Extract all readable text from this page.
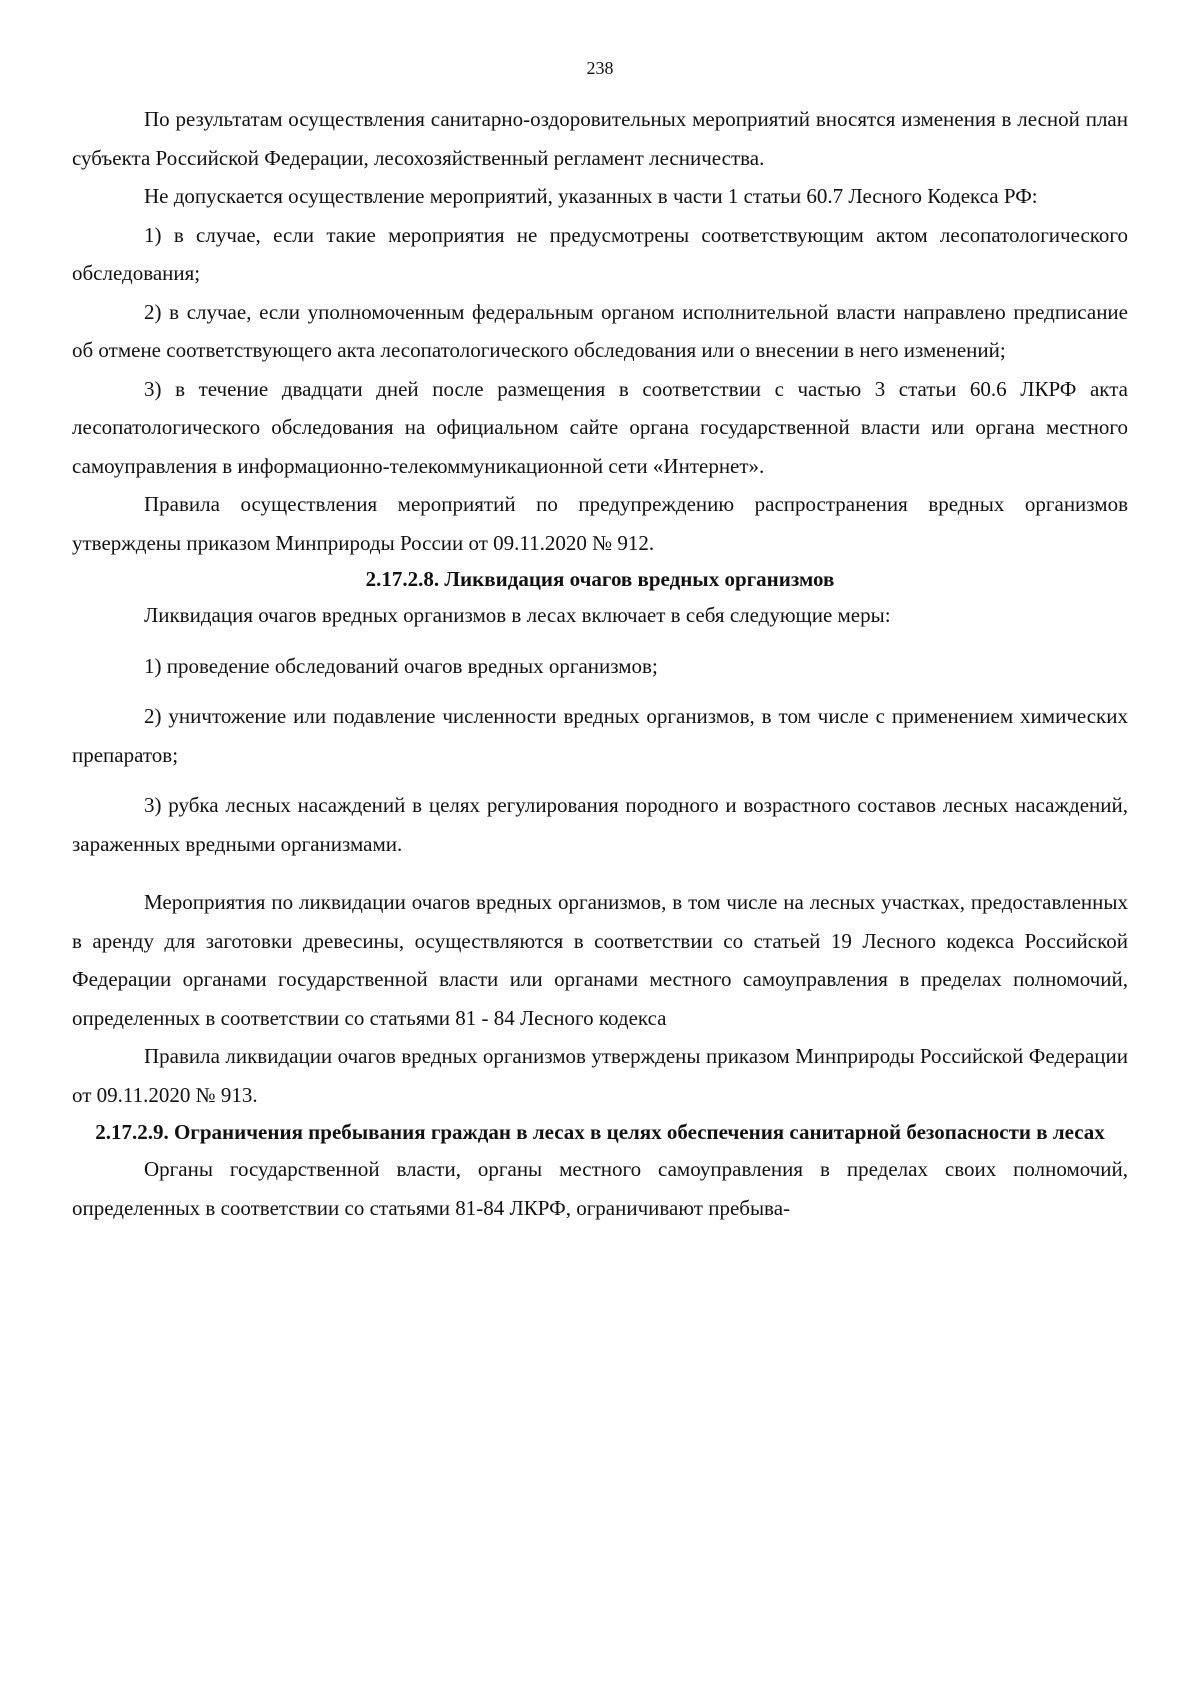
238

По результатам осуществления санитарно-оздоровительных мероприятий вносятся изменения в лесной план субъекта Российской Федерации, лесохозяйственный регламент лесничества.

Не допускается осуществление мероприятий, указанных в части 1 статьи 60.7 Лесного Кодекса РФ:

1) в случае, если такие мероприятия не предусмотрены соответствующим актом лесопатологического обследования;

2) в случае, если уполномоченным федеральным органом исполнительной власти направлено предписание об отмене соответствующего акта лесопатологического обследования или о внесении в него изменений;

3) в течение двадцати дней после размещения в соответствии с частью 3 статьи 60.6 ЛКРФ акта лесопатологического обследования на официальном сайте органа государственной власти или органа местного самоуправления в информационно-телекоммуникационной сети «Интернет».

Правила осуществления мероприятий по предупреждению распространения вредных организмов утверждены приказом Минприроды России от 09.11.2020 № 912.

2.17.2.8. Ликвидация очагов вредных организмов

Ликвидация очагов вредных организмов в лесах включает в себя следующие меры:

1) проведение обследований очагов вредных организмов;

2) уничтожение или подавление численности вредных организмов, в том числе с применением химических препаратов;

3) рубка лесных насаждений в целях регулирования породного и возрастного составов лесных насаждений, зараженных вредными организмами.

Мероприятия по ликвидации очагов вредных организмов, в том числе на лесных участках, предоставленных в аренду для заготовки древесины, осуществляются в соответствии со статьей 19 Лесного кодекса Российской Федерации органами государственной власти или органами местного самоуправления в пределах полномочий, определенных в соответствии со статьями 81 - 84 Лесного кодекса

Правила ликвидации очагов вредных организмов утверждены приказом Минприроды Российской Федерации от 09.11.2020 № 913.

2.17.2.9. Ограничения пребывания граждан в лесах в целях обеспечения санитарной безопасности в лесах

Органы государственной власти, органы местного самоуправления в пределах своих полномочий, определенных в соответствии со статьями 81-84 ЛКРФ, ограничивают пребыва-
